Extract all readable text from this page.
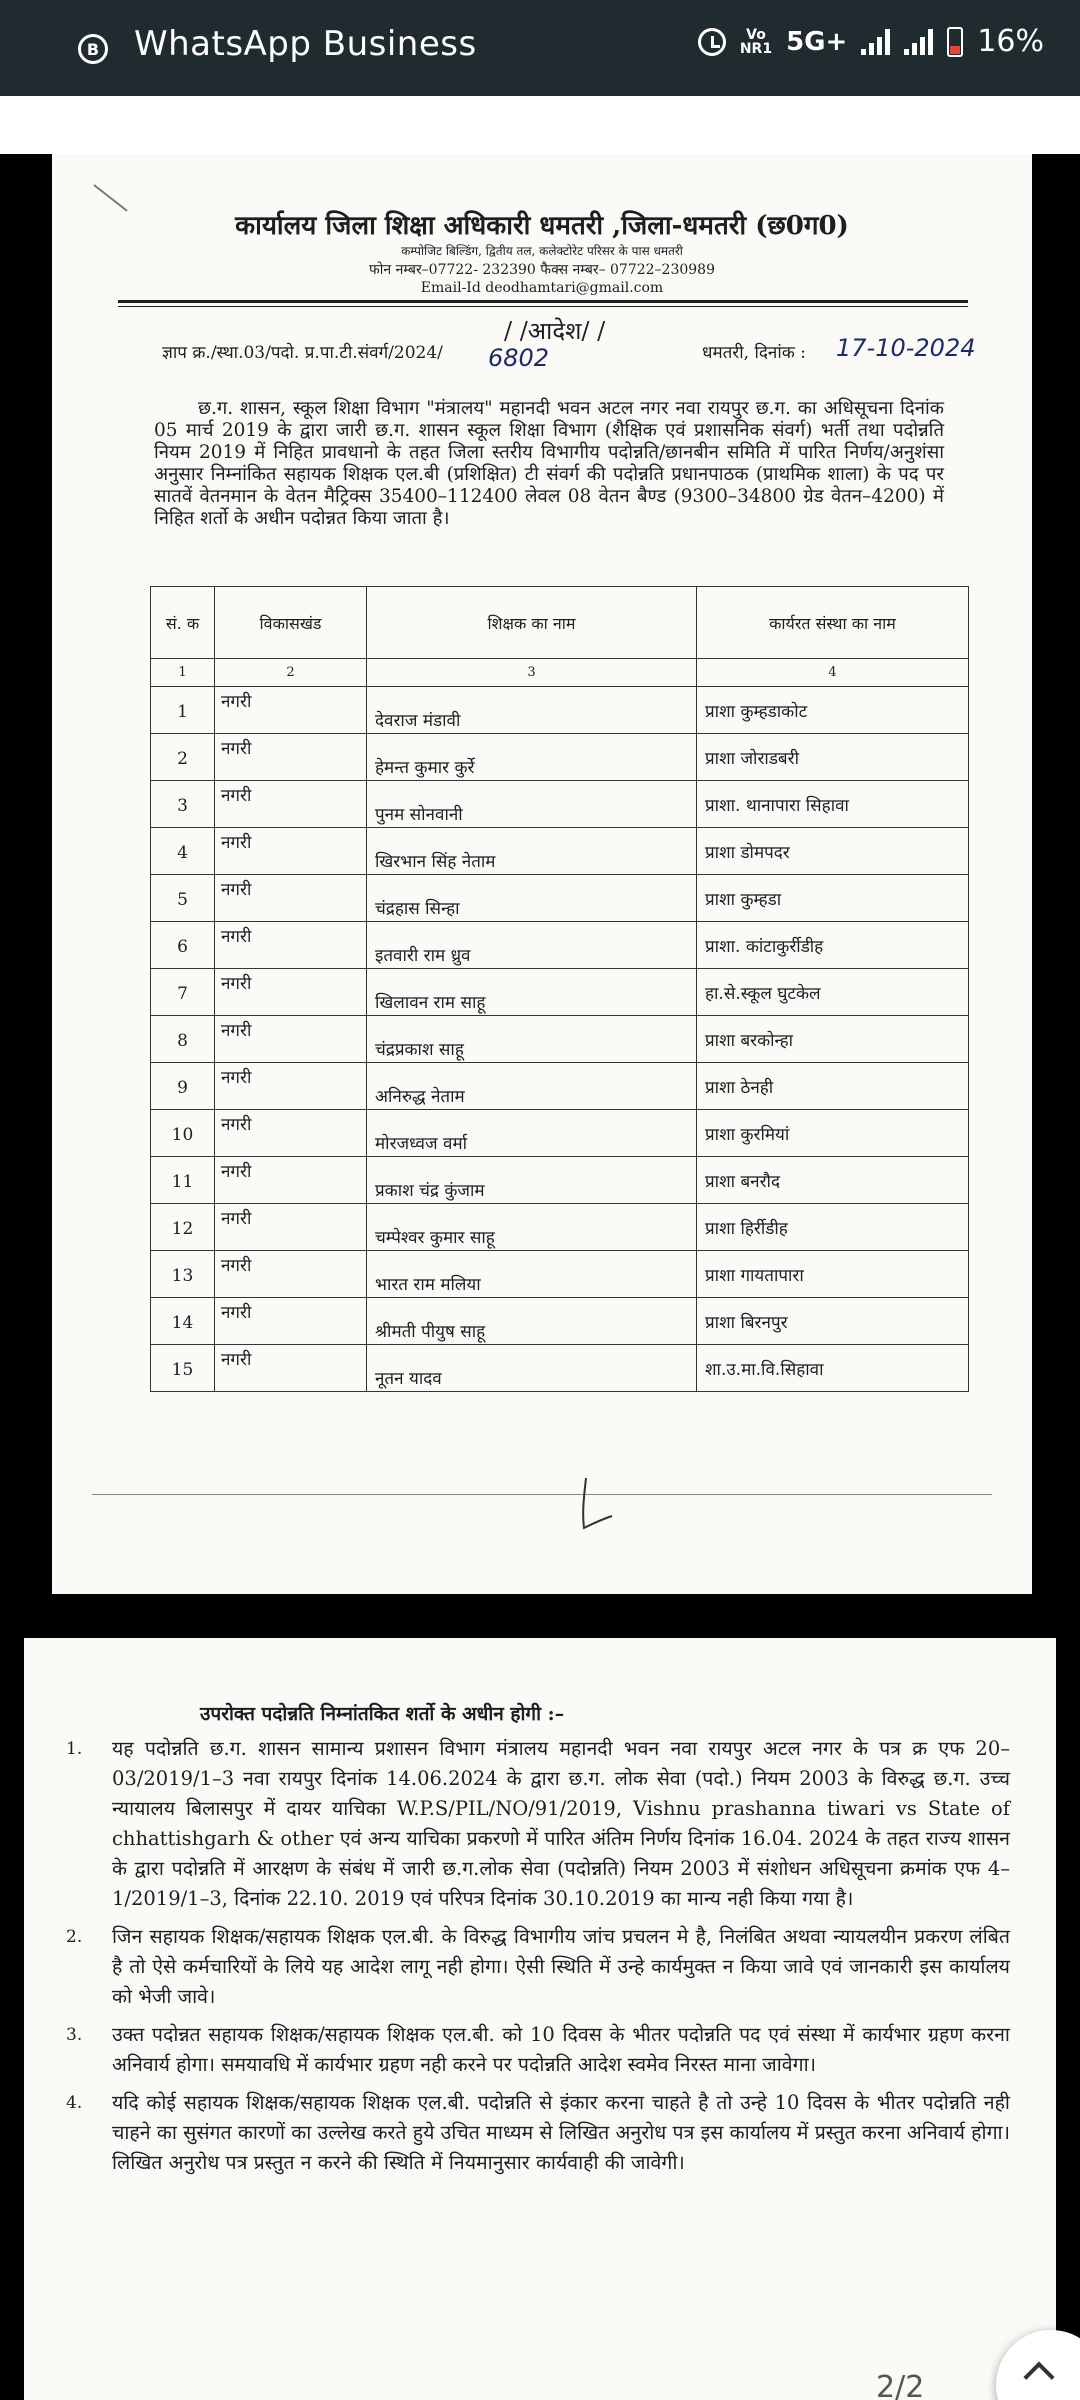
B WhatsApp Business	Vo
NR1 5G+	16%
कार्यालय जिला शिक्षा अधिकारी धमतरी ,जिला-धमतरी (छ0ग0)
कम्पोजिट बिल्डिंग, द्वितीय तल, कलेक्टोरेट परिसर के पास धमतरी
फोन नम्बर–07722- 232390 फैक्स नम्बर– 07722–230989
Email-Id deodhamtari@gmail.com
/ /आदेश/ /
ज्ञाप क्र./स्था.03/पदो. प्र.पा.टी.संवर्ग/2024/ 6802	धमतरी, दिनांक : 17-10-2024

छ.ग. शासन, स्कूल शिक्षा विभाग "मंत्रालय" महानदी भवन अटल नगर नवा रायपुर छ.ग. का अधिसूचना दिनांक 05 मार्च 2019 के द्वारा जारी छ.ग. शासन स्कूल शिक्षा विभाग (शैक्षिक एवं प्रशासनिक संवर्ग) भर्ती तथा पदोन्नति नियम 2019 में निहित प्रावधानो के तहत जिला स्तरीय विभागीय पदोन्नति/छानबीन समिति में पारित निर्णय/अनुशंसा अनुसार निम्नांकित सहायक शिक्षक एल.बी (प्रशिक्षित) टी संवर्ग की पदोन्नति प्रधानपाठक (प्राथमिक शाला) के पद पर सातवें वेतनमान के वेतन मैट्रिक्स 35400–112400 लेवल 08 वेतन बैण्ड (9300–34800 ग्रेड वेतन–4200) में निहित शर्तो के अधीन पदोन्नत किया जाता है।

सं. क	विकासखंड	शिक्षक का नाम	कार्यरत संस्था का नाम
1	2	3	4
1	नगरी	देवराज मंडावी	प्राशा कुम्हडाकोट
2	नगरी	हेमन्त कुमार कुर्रे	प्राशा जोराडबरी
3	नगरी	पुनम सोनवानी	प्राशा. थानापारा सिहावा
4	नगरी	खिरभान सिंह नेताम	प्राशा डोमपदर
5	नगरी	चंद्रहास सिन्हा	प्राशा कुम्हडा
6	नगरी	इतवारी राम ध्रुव	प्राशा. कांटाकुर्रीडीह
7	नगरी	खिलावन राम साहू	हा.से.स्कूल घुटकेल
8	नगरी	चंद्रप्रकाश साहू	प्राशा बरकोन्हा
9	नगरी	अनिरुद्ध नेताम	प्राशा ठेनही
10	नगरी	मोरजध्वज वर्मा	प्राशा कुरमियां
11	नगरी	प्रकाश चंद्र कुंजाम	प्राशा बनरौद
12	नगरी	चम्पेश्वर कुमार साहू	प्राशा हिर्रीडीह
13	नगरी	भारत राम मलिया	प्राशा गायतापारा
14	नगरी	श्रीमती पीयुष साहू	प्राशा बिरनपुर
15	नगरी	नूतन यादव	शा.उ.मा.वि.सिहावा
उपरोक्त पदोन्नति निम्नांतकित शर्तो के अधीन होगी :–
1. यह पदोन्नति छ.ग. शासन सामान्य प्रशासन विभाग मंत्रालय महानदी भवन नवा रायपुर अटल नगर के पत्र क्र एफ 20–03/2019/1–3 नवा रायपुर दिनांक 14.06.2024 के द्वारा छ.ग. लोक सेवा (पदो.) नियम 2003 के विरुद्ध छ.ग. उच्च न्यायालय बिलासपुर में दायर याचिका W.P.S/PIL/NO/91/2019, Vishnu prashanna tiwari vs State of chhattishgarh & other एवं अन्य याचिका प्रकरणो में पारित अंतिम निर्णय दिनांक 16.04. 2024 के तहत राज्य शासन के द्वारा पदोन्नति में आरक्षण के संबंध में जारी छ.ग.लोक सेवा (पदोन्नति) नियम 2003 में संशोधन अधिसूचना क्रमांक एफ 4–1/2019/1–3, दिनांक 22.10. 2019 एवं परिपत्र दिनांक 30.10.2019 का मान्य नही किया गया है।
2. जिन सहायक शिक्षक/सहायक शिक्षक एल.बी. के विरुद्ध विभागीय जांच प्रचलन मे है, निलंबित अथवा न्यायलयीन प्रकरण लंबित है तो ऐसे कर्मचारियों के लिये यह आदेश लागू नही होगा। ऐसी स्थिति में उन्हे कार्यमुक्त न किया जावे एवं जानकारी इस कार्यालय को भेजी जावे।
3. उक्त पदोन्नत सहायक शिक्षक/सहायक शिक्षक एल.बी. को 10 दिवस के भीतर पदोन्नति पद एवं संस्था में कार्यभार ग्रहण करना अनिवार्य होगा। समयावधि में कार्यभार ग्रहण नही करने पर पदोन्नति आदेश स्वमेव निरस्त माना जावेगा।
4. यदि कोई सहायक शिक्षक/सहायक शिक्षक एल.बी. पदोन्नति से इंकार करना चाहते है तो उन्हे 10 दिवस के भीतर पदोन्नति नही चाहने का सुसंगत कारणों का उल्लेख करते हुये उचित माध्यम से लिखित अनुरोध पत्र इस कार्यालय में प्रस्तुत करना अनिवार्य होगा। लिखित अनुरोध पत्र प्रस्तुत न करने की स्थिति में नियमानुसार कार्यवाही की जावेगी।
2/2
